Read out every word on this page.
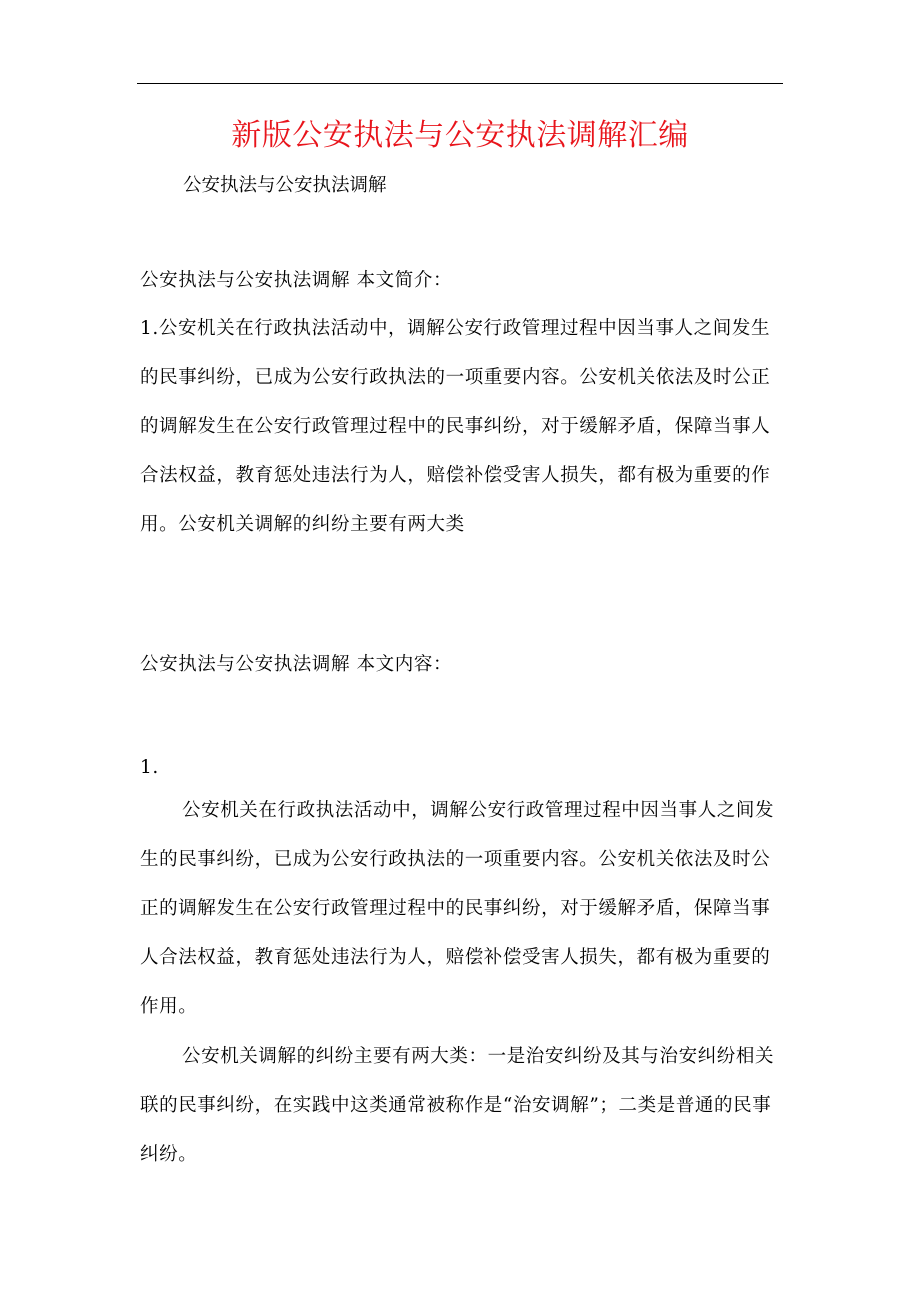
新版公安执法与公安执法调解汇编

公安执法与公安执法调解

公安执法与公安执法调解 本文简介：

1.公安机关在行政执法活动中，调解公安行政管理过程中因当事人之间发生的民事纠纷，已成为公安行政执法的一项重要内容。公安机关依法及时公正的调解发生在公安行政管理过程中的民事纠纷，对于缓解矛盾，保障当事人合法权益，教育惩处违法行为人，赔偿补偿受害人损失，都有极为重要的作用。公安机关调解的纠纷主要有两大类

公安执法与公安执法调解 本文内容：

1.

公安机关在行政执法活动中，调解公安行政管理过程中因当事人之间发生的民事纠纷，已成为公安行政执法的一项重要内容。公安机关依法及时公正的调解发生在公安行政管理过程中的民事纠纷，对于缓解矛盾，保障当事人合法权益，教育惩处违法行为人，赔偿补偿受害人损失，都有极为重要的作用。

公安机关调解的纠纷主要有两大类：一是治安纠纷及其与治安纠纷相关联的民事纠纷，在实践中这类通常被称作是“治安调解”；二类是普通的民事纠纷。
